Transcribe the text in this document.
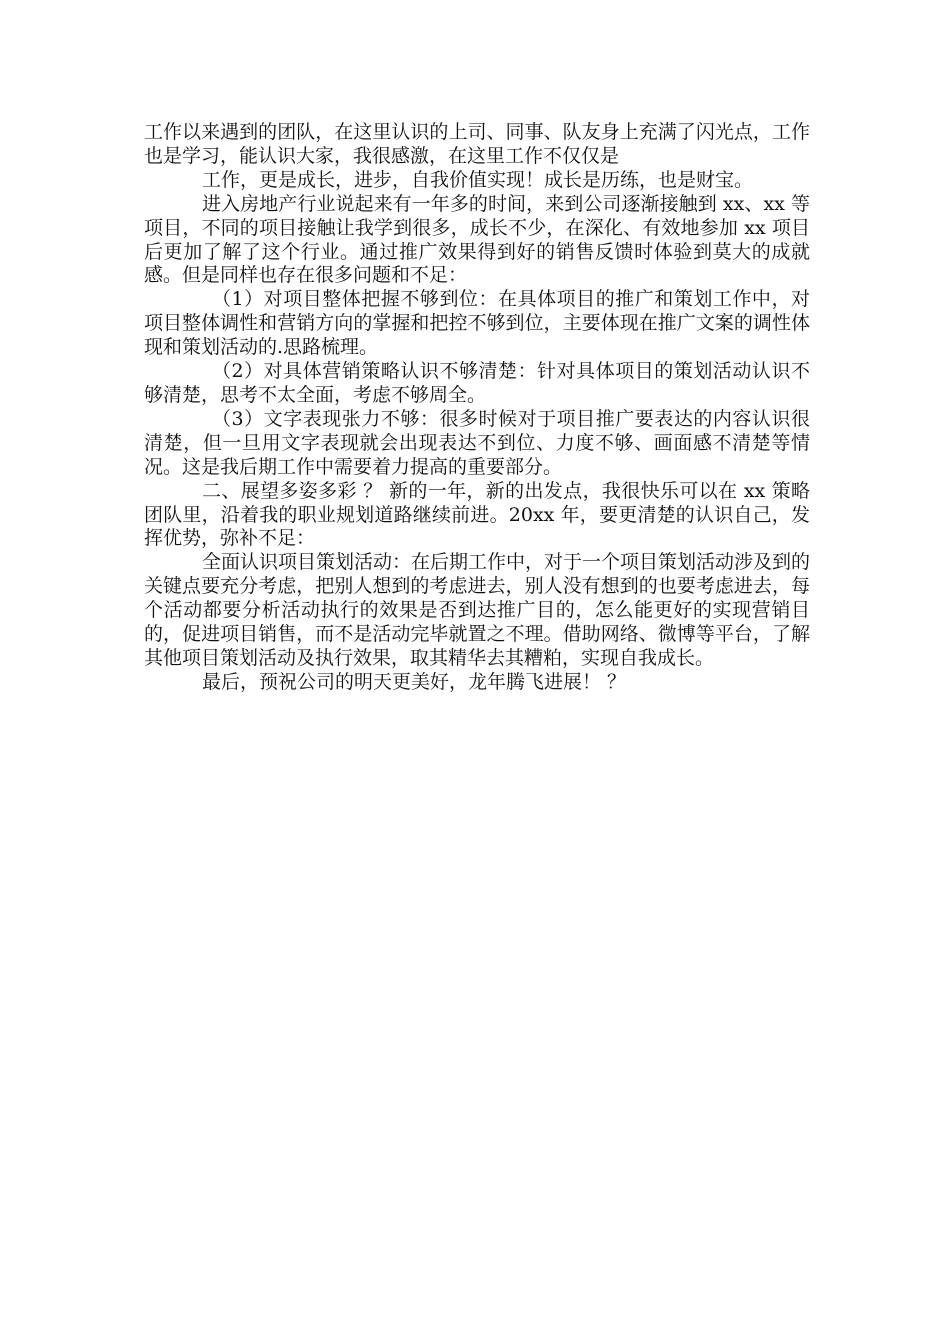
工作以来遇到的团队，在这里认识的上司、同事、队友身上充满了闪光点，工作也是学习，能认识大家，我很感激，在这里工作不仅仅是

工作，更是成长，进步，自我价值实现！成长是历练，也是财宝。

进入房地产行业说起来有一年多的时间，来到公司逐渐接触到 xx、xx 等项目，不同的项目接触让我学到很多，成长不少，在深化、有效地参加 xx 项目后更加了解了这个行业。通过推广效果得到好的销售反馈时体验到莫大的成就感。但是同样也存在很多问题和不足：

（1）对项目整体把握不够到位：在具体项目的推广和策划工作中，对项目整体调性和营销方向的掌握和把控不够到位，主要体现在推广文案的调性体现和策划活动的.思路梳理。

（2）对具体营销策略认识不够清楚：针对具体项目的策划活动认识不够清楚，思考不太全面，考虑不够周全。

（3）文字表现张力不够：很多时候对于项目推广要表达的内容认识很清楚，但一旦用文字表现就会出现表达不到位、力度不够、画面感不清楚等情况。这是我后期工作中需要着力提高的重要部分。

二、展望多姿多彩 ？ 新的一年，新的出发点，我很快乐可以在 xx 策略团队里，沿着我的职业规划道路继续前进。20xx 年，要更清楚的认识自己，发挥优势，弥补不足：

全面认识项目策划活动：在后期工作中，对于一个项目策划活动涉及到的关键点要充分考虑，把别人想到的考虑进去，别人没有想到的也要考虑进去，每个活动都要分析活动执行的效果是否到达推广目的，怎么能更好的实现营销目的，促进项目销售，而不是活动完毕就置之不理。借助网络、微博等平台，了解其他项目策划活动及执行效果，取其精华去其糟粕，实现自我成长。

最后，预祝公司的明天更美好，龙年腾飞进展！ ？
